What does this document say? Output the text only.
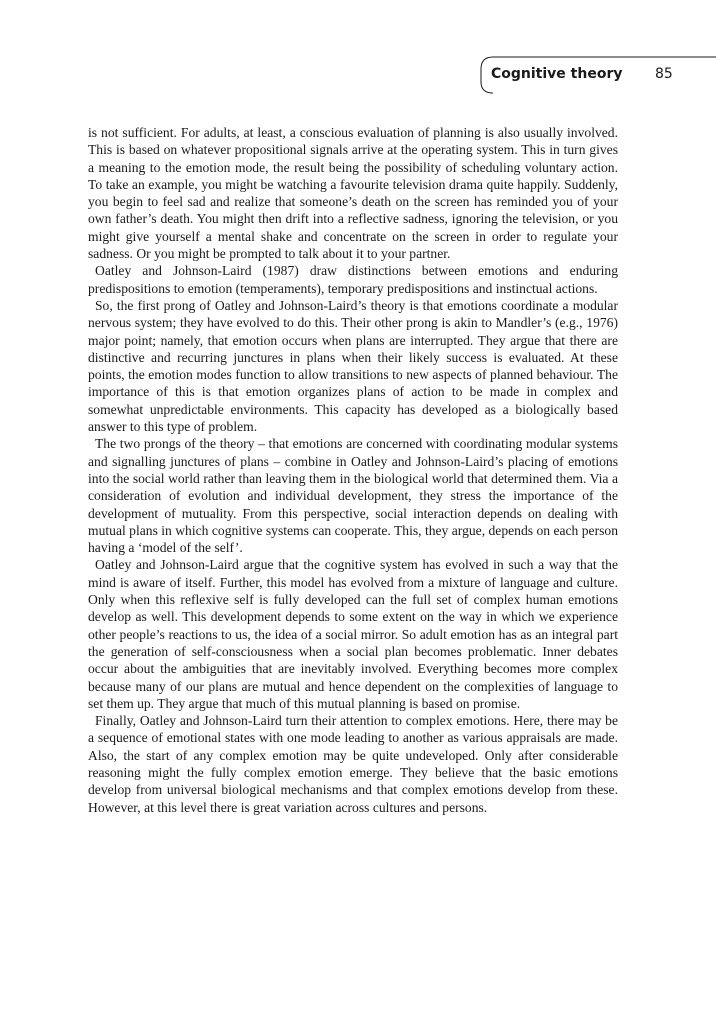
Cognitive theory 85

is not sufficient. For adults, at least, a conscious evaluation of planning is also usually involved. This is based on whatever propositional signals arrive at the operating system. This in turn gives a meaning to the emotion mode, the result being the possibility of scheduling voluntary action. To take an example, you might be watching a favourite television drama quite happily. Suddenly, you begin to feel sad and realize that someone’s death on the screen has reminded you of your own father’s death. You might then drift into a reflective sadness, ignoring the television, or you might give yourself a mental shake and concentrate on the screen in order to regulate your sadness. Or you might be prompted to talk about it to your partner.

Oatley and Johnson-Laird (1987) draw distinctions between emotions and enduring predispositions to emotion (temperaments), temporary predispositions and instinctual actions.

So, the first prong of Oatley and Johnson-Laird’s theory is that emotions coordinate a modular nervous system; they have evolved to do this. Their other prong is akin to Mandler’s (e.g., 1976) major point; namely, that emotion occurs when plans are interrupted. They argue that there are distinctive and recurring junctures in plans when their likely success is evaluated. At these points, the emotion modes function to allow transitions to new aspects of planned behaviour. The importance of this is that emotion organizes plans of action to be made in complex and somewhat unpredictable environments. This capacity has developed as a biologically based answer to this type of problem.

The two prongs of the theory – that emotions are concerned with coordinating modular systems and signalling junctures of plans – combine in Oatley and Johnson-Laird’s placing of emotions into the social world rather than leaving them in the biological world that determined them. Via a consideration of evolution and individual development, they stress the importance of the development of mutuality. From this perspective, social interaction depends on dealing with mutual plans in which cognitive systems can cooperate. This, they argue, depends on each person having a ‘model of the self’.

Oatley and Johnson-Laird argue that the cognitive system has evolved in such a way that the mind is aware of itself. Further, this model has evolved from a mixture of language and culture. Only when this reflexive self is fully developed can the full set of complex human emotions develop as well. This development depends to some extent on the way in which we experience other people’s reactions to us, the idea of a social mirror. So adult emotion has as an integral part the generation of self-consciousness when a social plan becomes problematic. Inner debates occur about the ambiguities that are inevitably involved. Everything becomes more complex because many of our plans are mutual and hence dependent on the complexities of language to set them up. They argue that much of this mutual planning is based on promise.

Finally, Oatley and Johnson-Laird turn their attention to complex emotions. Here, there may be a sequence of emotional states with one mode leading to another as various appraisals are made. Also, the start of any complex emotion may be quite undeveloped. Only after considerable reasoning might the fully complex emotion emerge. They believe that the basic emotions develop from universal biological mechanisms and that complex emotions develop from these. However, at this level there is great variation across cultures and persons.
